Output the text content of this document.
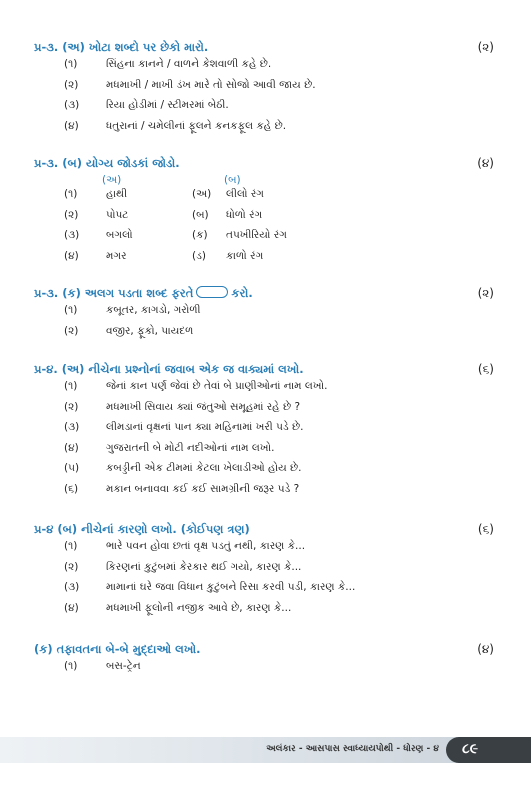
પ્ર-૩. (અ) ખોટા શબ્દો પર છેકો મારો.	(૨)
(૧)	સિંહના કાનને / વાળને કેશવાળી કહે છે.
(૨)	મધમાખી / માખી ડંખ મારે તો સોજો આવી જાય છે.
(૩)	રિયા હોડીમાં / સ્ટીમરમાં બેઠી.
(૪)	ધતુરાનાં / ચમેલીનાં ફૂલને કનકફૂલ કહે છે.
પ્ર-૩. (બ) યોગ્ય જોડકાં જોડો.	(૪)
(અ)	(બ)
(૧)	હાથી	(અ) લીલો રંગ
(૨)	પોપટ	(બ) ધોળો રંગ
(૩)	બગલો	(ક) તપખીરિયો રંગ
(૪)	મગર	(ડ) કાળો રંગ
પ્ર-૩. (ક) અલગ પડતા શબ્દ ફરતે	કરો.	(૨)
(૧)	કબૂતર, કાગડો, ગરોળી
(૨)	વજીર, ફૂકો, પાયદળ
પ્ર-૪. (અ) નીચેના પ્રશ્નોનાં જવાબ એક જ વાક્યમાં લખો.	(૬)
(૧)	જેનાં કાન પર્ણ જેવાં છે તેવાં બે પ્રાણીઓનાં નામ લખો.
(૨)	મધમાખી સિવાય ક્યાં જંતુઓ સમૂહમાં રહે છે ?
(૩)	લીમડાનાં વૃક્ષનાં પાન ક્યા મહિનામાં ખરી પડે છે.
(૪)	ગુજરાતની બે મોટી નદીઓનાં નામ લખો.
(૫)	કબડ્ડીની એક ટીમમાં કેટલા ખેલાડીઓ હોય છે.
(૬)	મકાન બનાવવા કઈ કઈ સામગ્રીની જરૂર પડે ?
પ્ર-૪ (બ) નીચેનાં કારણો લખો. (કોઈપણ ત્રણ)	(૬)
(૧)	ભારે પવન હોવા છતાં વૃક્ષ પડતું નથી, કારણ કે...
(૨)	કિરણનાં કુટુંબમાં કેરકાર થઈ ગયો, કારણ કે...
(૩)	મામાનાં ઘરે જવા વિધાન કુટુંબને રિસા કરવી પડી, કારણ કે...
(૪)	મધમાખી ફૂલોની નજીક આવે છે, કારણ કે...
(ક) તફાવતના બે-બે મુદ્દાઓ લખો.	(૪)
(૧)	બસ-ટ્રેન
અલંકાર - આસપાસ સ્વાધ્યાયપોથી - ધોરણ - ૪ ૮૯
